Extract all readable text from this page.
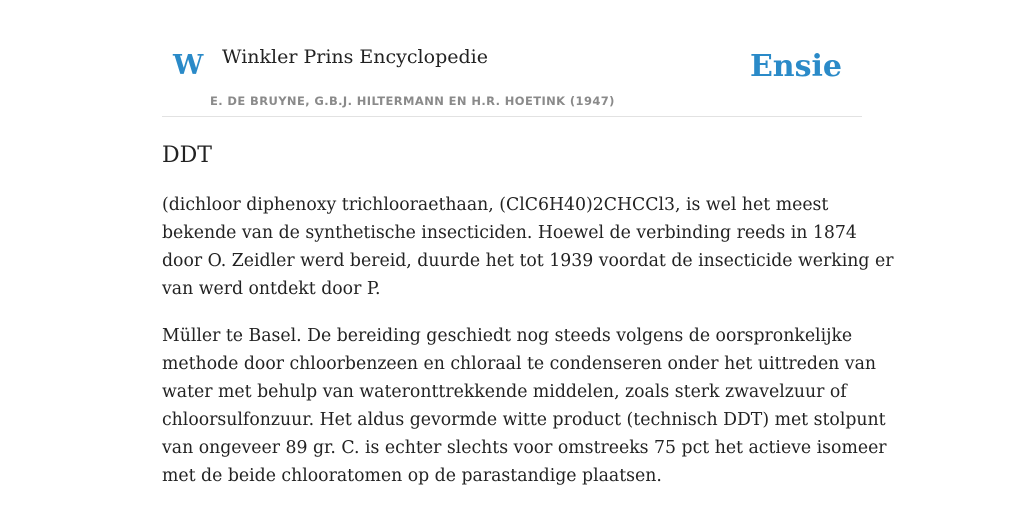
W Winkler Prins Encyclopedie
E. DE BRUYNE, G.B.J. HILTERMANN EN H.R. HOETINK (1947)
Ensie
DDT

(dichloor diphenoxy trichlooraethaan, (ClC6H40)2CHCCl3, is wel het meest
bekende van de synthetische insecticiden. Hoewel de verbinding reeds in 1874
door O. Zeidler werd bereid, duurde het tot 1939 voordat de insecticide werking er
van werd ontdekt door P.

Müller te Basel. De bereiding geschiedt nog steeds volgens de oorspronkelijke
methode door chloorbenzeen en chloraal te condenseren onder het uittreden van
water met behulp van wateronttrekkende middelen, zoals sterk zwavelzuur of
chloorsulfonzuur. Het aldus gevormde witte product (technisch DDT) met stolpunt
van ongeveer 89 gr. C. is echter slechts voor omstreeks 75 pct het actieve isomeer
met de beide chlooratomen op de parastandige plaatsen.
